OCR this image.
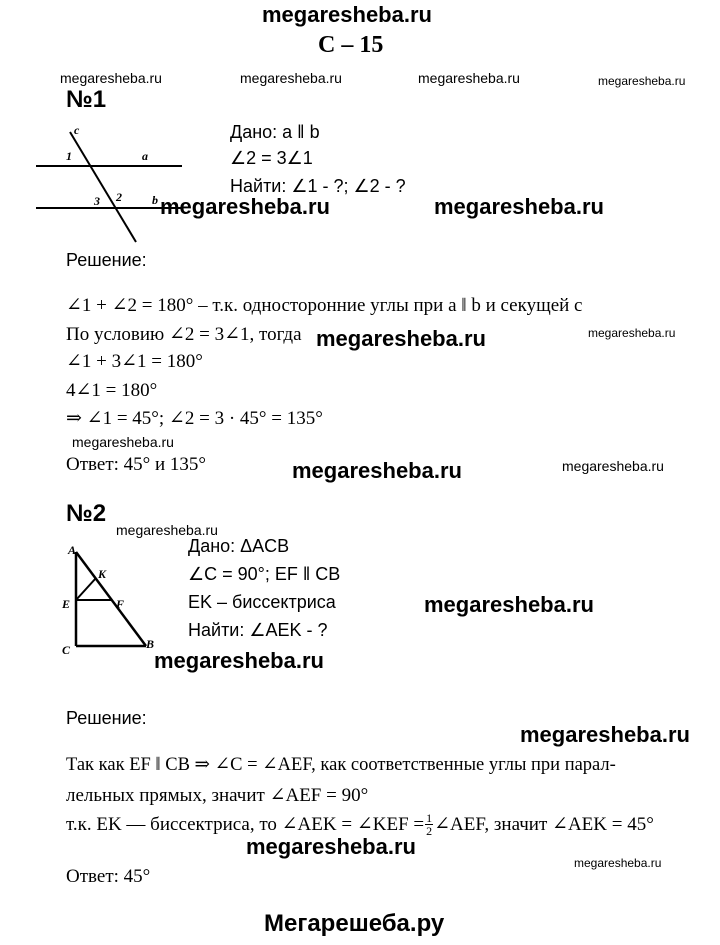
megaresheba.ru
C – 15
megaresheba.ru	megaresheba.ru	megaresheba.ru	megaresheba.ru
№1
c
a
b
1
2
3
Дано: a ‖ b
∠2 = 3∠1
Найти: ∠1 - ?; ∠2 - ?
megaresheba.ru	megaresheba.ru
Решение:
∠1 + ∠2 = 180° – т.к. односторонние углы при a ‖ b и секущей c
По условию ∠2 = 3∠1, тогда megaresheba.ru	megaresheba.ru
∠1 + 3∠1 = 180°
4∠1 = 180°
⇒ ∠1 = 45°; ∠2 = 3 · 45° = 135°
megaresheba.ru
Ответ: 45° и 135°	megaresheba.ru	megaresheba.ru
№2
megaresheba.ru
A
K
E	F
C	B
Дано: ΔACB
∠C = 90°; EF ‖ CB
EK – биссектриса
Найти: ∠AEK - ?
megaresheba.ru
megaresheba.ru
Решение:
megaresheba.ru
Так как EF ‖ CB ⇒ ∠C = ∠AEF, как соответственные углы при парал-
лельных прямых, значит ∠AEF = 90°
т.к. EK — биссектриса, то ∠AEK = ∠KEF = $\frac{1}{2}$ ∠AEF, значит ∠AEK = 45°
megaresheba.ru
megaresheba.ru
Ответ: 45°
Мегарешеба.ру
